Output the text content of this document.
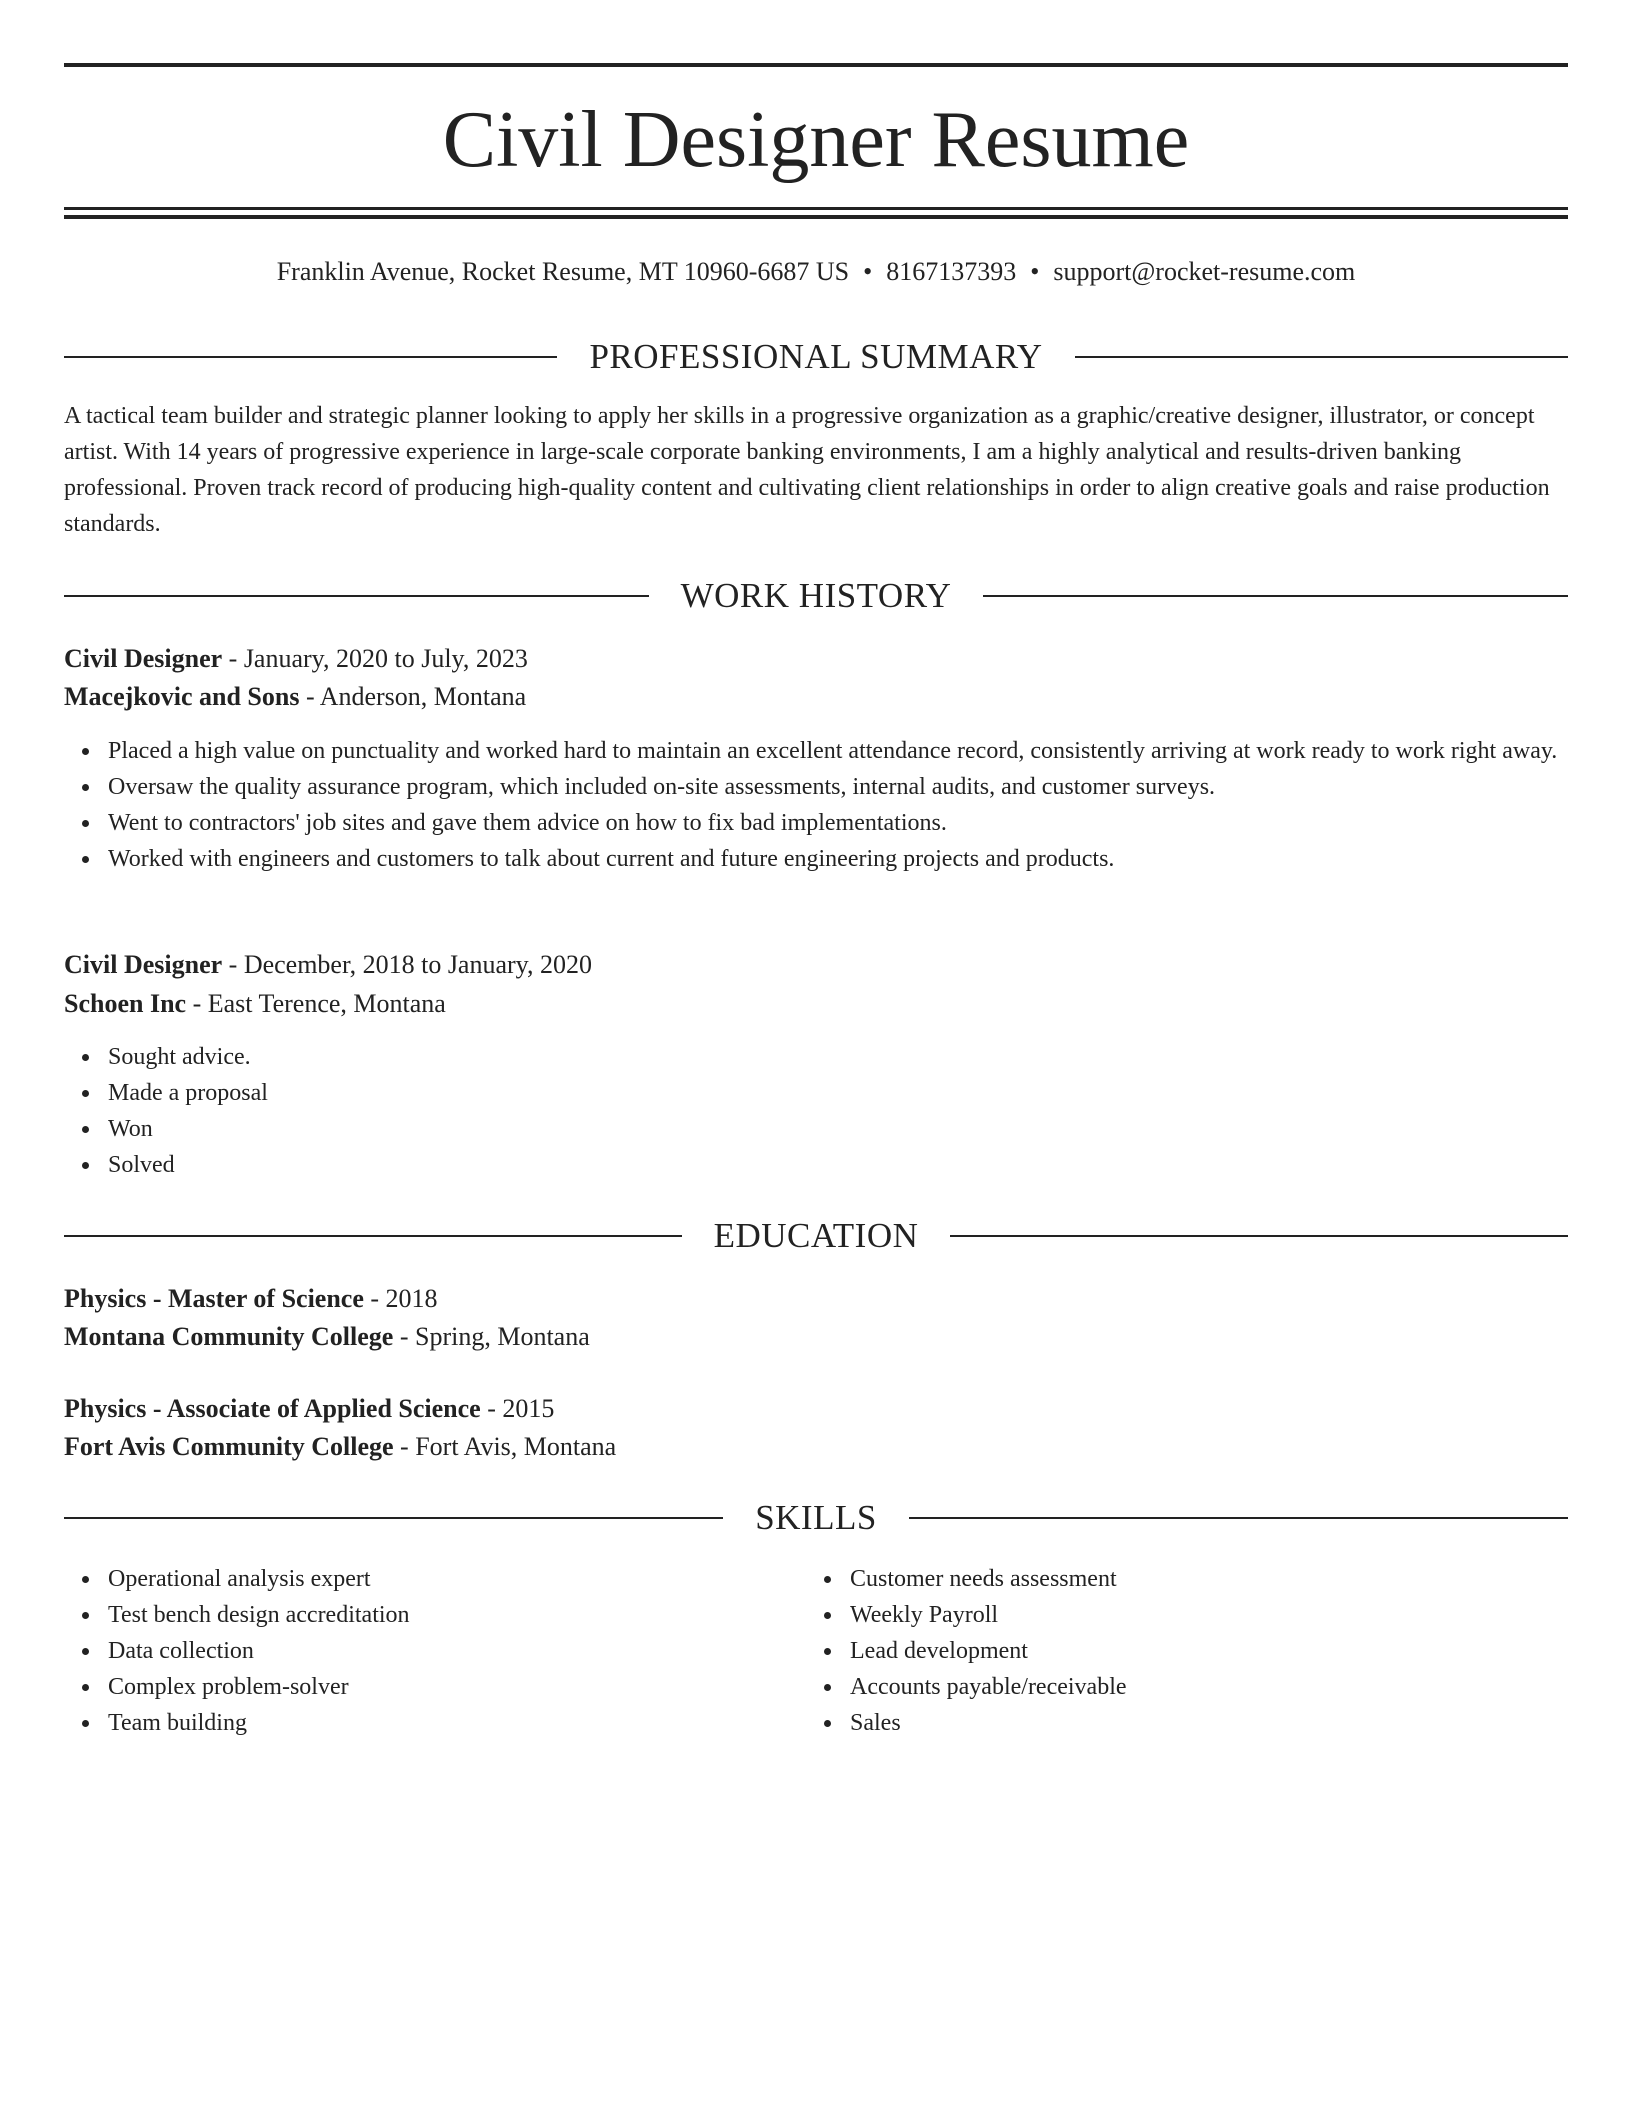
Civil Designer Resume
Franklin Avenue, Rocket Resume, MT 10960-6687 US • 8167137393 • support@rocket-resume.com
PROFESSIONAL SUMMARY

A tactical team builder and strategic planner looking to apply her skills in a progressive organization as a graphic/creative designer, illustrator, or concept artist. With 14 years of progressive experience in large-scale corporate banking environments, I am a highly analytical and results-driven banking professional. Proven track record of producing high-quality content and cultivating client relationships in order to align creative goals and raise production standards.

WORK HISTORY
Civil Designer - January, 2020 to July, 2023
Macejkovic and Sons - Anderson, Montana
Placed a high value on punctuality and worked hard to maintain an excellent attendance record, consistently arriving at work ready to work right away.
Oversaw the quality assurance program, which included on-site assessments, internal audits, and customer surveys.
Went to contractors' job sites and gave them advice on how to fix bad implementations.
Worked with engineers and customers to talk about current and future engineering projects and products.
Civil Designer - December, 2018 to January, 2020
Schoen Inc - East Terence, Montana
Sought advice.
Made a proposal
Won
Solved
EDUCATION
Physics - Master of Science - 2018
Montana Community College - Spring, Montana
Physics - Associate of Applied Science - 2015
Fort Avis Community College - Fort Avis, Montana
SKILLS
Operational analysis expert
Test bench design accreditation
Data collection
Complex problem-solver
Team building
Customer needs assessment
Weekly Payroll
Lead development
Accounts payable/receivable
Sales
